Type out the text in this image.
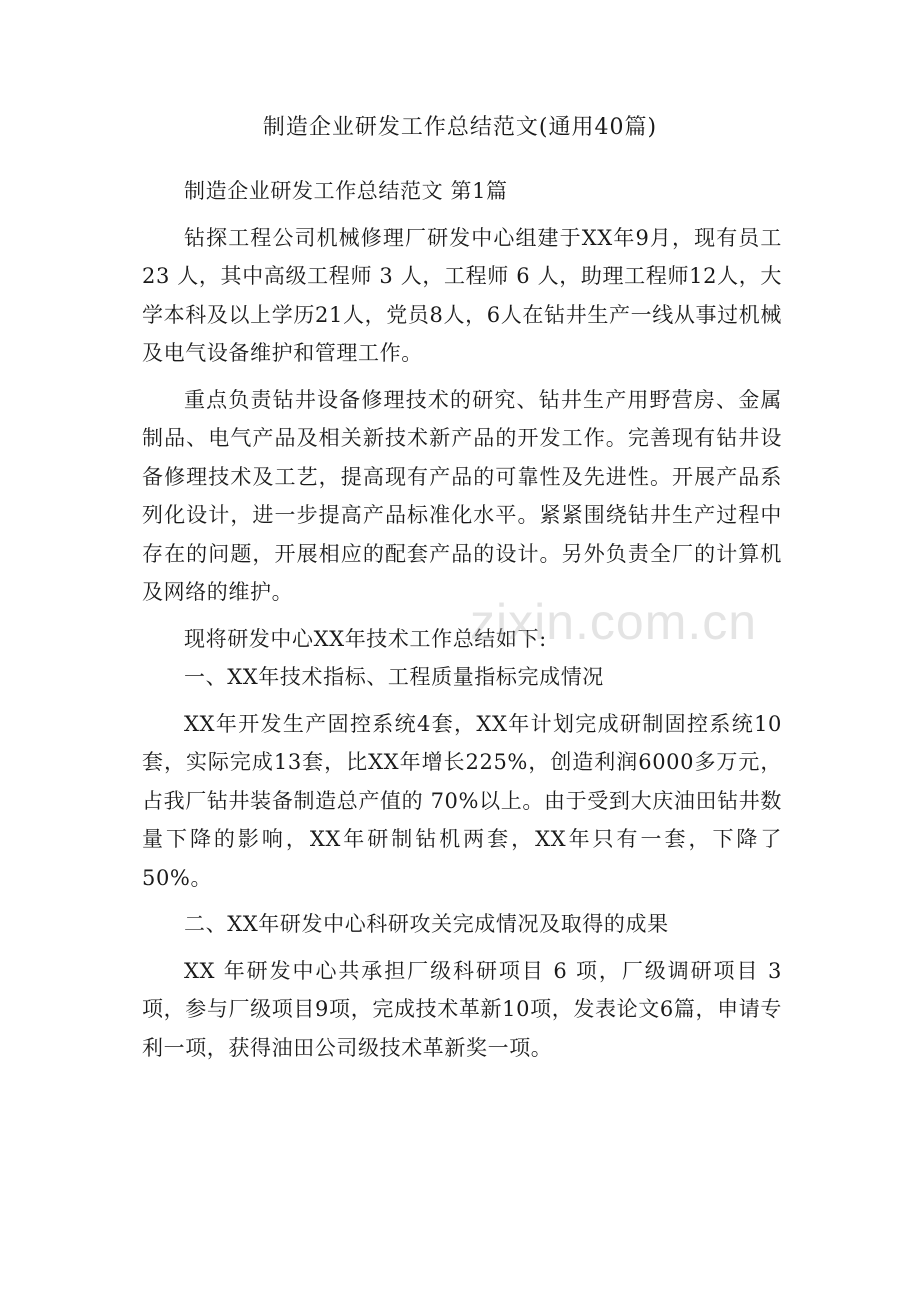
制造企业研发工作总结范文(通用40篇)

制造企业研发工作总结范文 第1篇

钻探工程公司机械修理厂研发中心组建于XX年9月，现有员工 23 人，其中高级工程师 3 人，工程师 6 人，助理工程师12人，大学本科及以上学历21人，党员8人，6人在钻井生产一线从事过机械及电气设备维护和管理工作。

重点负责钻井设备修理技术的研究、钻井生产用野营房、金属制品、电气产品及相关新技术新产品的开发工作。完善现有钻井设备修理技术及工艺，提高现有产品的可靠性及先进性。开展产品系列化设计，进一步提高产品标准化水平。紧紧围绕钻井生产过程中存在的问题，开展相应的配套产品的设计。另外负责全厂的计算机及网络的维护。

现将研发中心XX年技术工作总结如下:

一、XX年技术指标、工程质量指标完成情况

XX年开发生产固控系统4套，XX年计划完成研制固控系统10套，实际完成13套，比XX年增长225%，创造利润6000多万元，占我厂钻井装备制造总产值的 70%以上。由于受到大庆油田钻井数量下降的影响，XX年研制钻机两套，XX年只有一套，下降了50%。

二、XX年研发中心科研攻关完成情况及取得的成果

XX 年研发中心共承担厂级科研项目 6 项，厂级调研项目 3项，参与厂级项目9项，完成技术革新10项，发表论文6篇，申请专利一项，获得油田公司级技术革新奖一项。

zixin.com.cn
